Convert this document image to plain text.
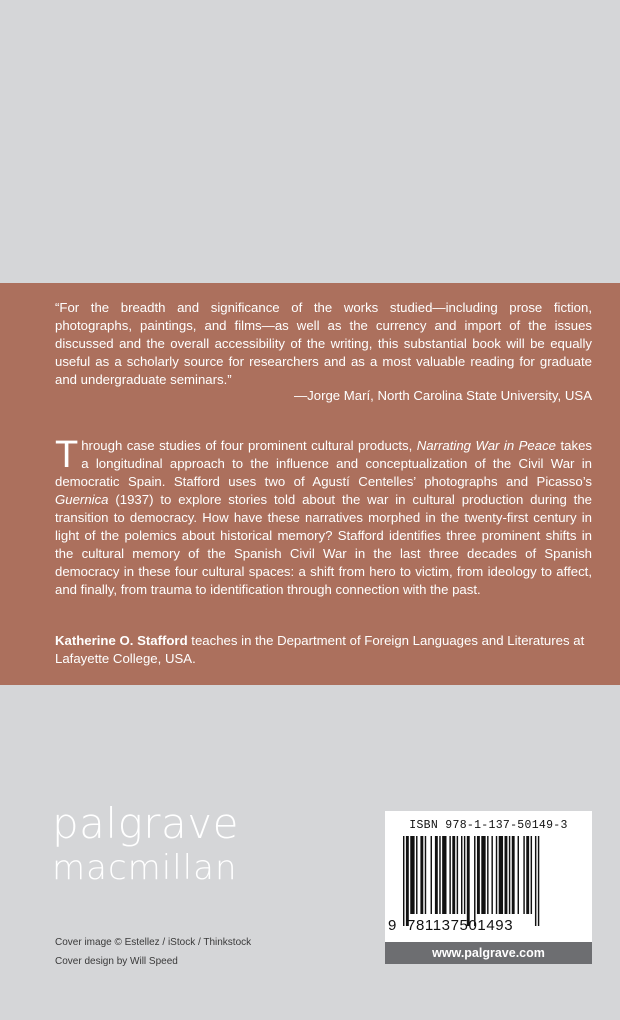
“For the breadth and significance of the works studied—including prose fiction, photographs, paintings, and films—as well as the currency and import of the issues discussed and the overall accessibility of the writing, this substantial book will be equally useful as a scholarly source for researchers and as a most valuable reading for graduate and undergraduate seminars.”

—Jorge Marí, North Carolina State University, USA

Through case studies of four prominent cultural products, Narrating War in Peace takes a longitudinal approach to the influence and conceptualization of the Civil War in democratic Spain. Stafford uses two of Agustí Centelles’ photographs and Picasso’s Guernica (1937) to explore stories told about the war in cultural production during the transition to democracy. How have these narratives morphed in the twenty-first century in light of the polemics about historical memory? Stafford identifies three prominent shifts in the cultural memory of the Spanish Civil War in the last three decades of Spanish democracy in these four cultural spaces: a shift from hero to victim, from ideology to affect, and finally, from trauma to identification through connection with the past.

Katherine O. Stafford teaches in the Department of Foreign Languages and Literatures at Lafayette College, USA.

palgrave
macmillan
Cover image © Estellez / iStock / Thinkstock
Cover design by Will Speed
ISBN 978-1-137-50149-3
9 781137501493
www.palgrave.com
